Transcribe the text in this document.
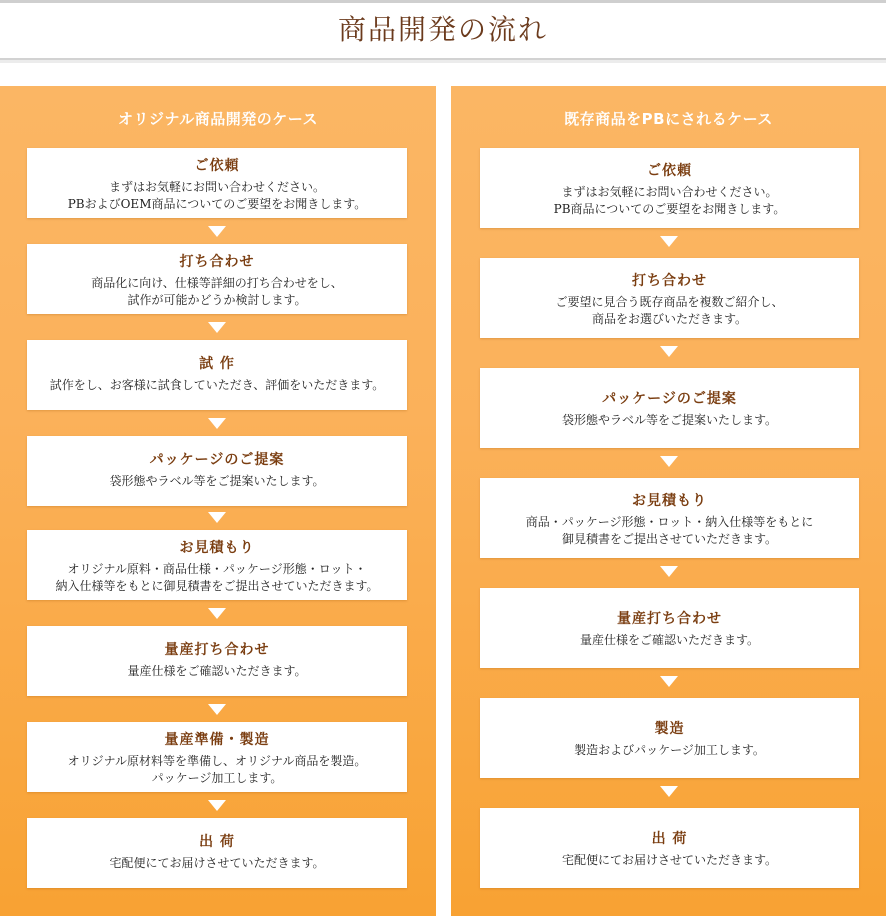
商品開発の流れ
オリジナル商品開発のケース
ご依頼
まずはお気軽にお問い合わせください。
PBおよびOEM商品についてのご要望をお聞きします。
打ち合わせ
商品化に向け、仕様等詳細の打ち合わせをし、
試作が可能かどうか検討します。
試 作
試作をし、お客様に試食していただき、評価をいただきます。
パッケージのご提案
袋形態やラベル等をご提案いたします。
お見積もり
オリジナル原料・商品仕様・パッケージ形態・ロット・
納入仕様等をもとに御見積書をご提出させていただきます。
量産打ち合わせ
量産仕様をご確認いただきます。
量産準備・製造
オリジナル原材料等を準備し、オリジナル商品を製造。
パッケージ加工します。
出 荷
宅配便にてお届けさせていただきます。
既存商品をPBにされるケース
ご依頼
まずはお気軽にお問い合わせください。
PB商品についてのご要望をお聞きします。
打ち合わせ
ご要望に見合う既存商品を複数ご紹介し、
商品をお選びいただきます。
パッケージのご提案
袋形態やラベル等をご提案いたします。
お見積もり
商品・パッケージ形態・ロット・納入仕様等をもとに
御見積書をご提出させていただきます。
量産打ち合わせ
量産仕様をご確認いただきます。
製造
製造およびパッケージ加工します。
出 荷
宅配便にてお届けさせていただきます。
